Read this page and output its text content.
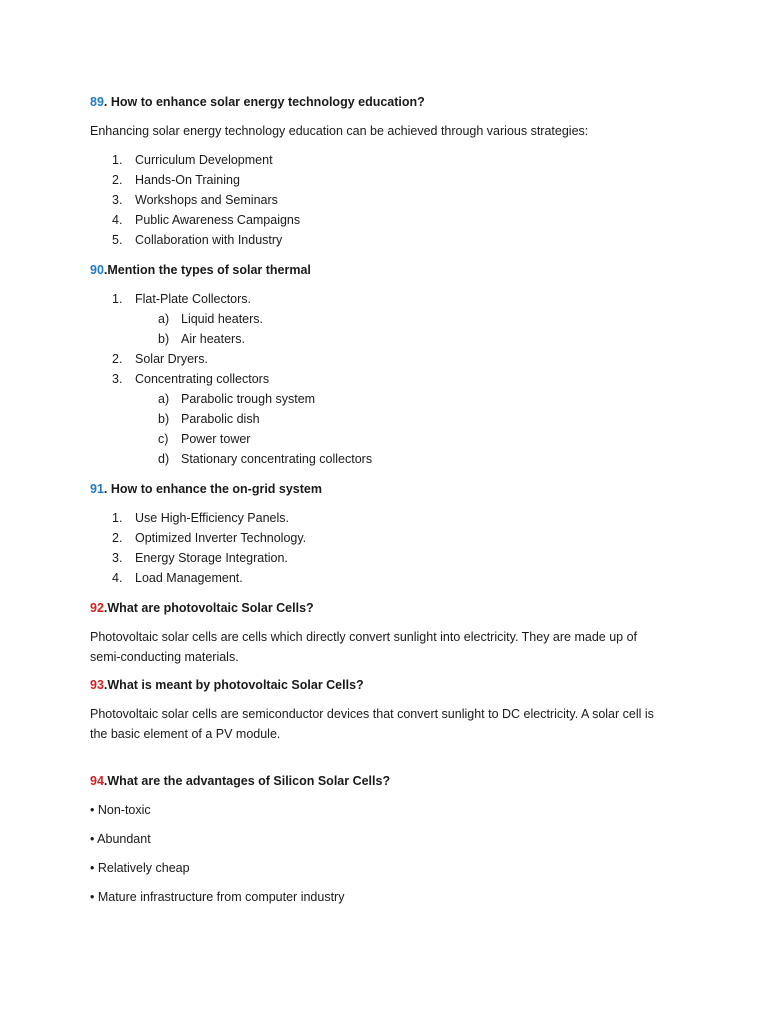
89. How to enhance solar energy technology education?

Enhancing solar energy technology education can be achieved through various strategies:

1. Curriculum Development
2. Hands-On Training
3. Workshops and Seminars
4. Public Awareness Campaigns
5. Collaboration with Industry

90.Mention the types of solar thermal

1. Flat-Plate Collectors.
a) Liquid heaters.
b) Air heaters.
2. Solar Dryers.
3. Concentrating collectors
a) Parabolic trough system
b) Parabolic dish
c) Power tower
d) Stationary concentrating collectors

91. How to enhance the on-grid system

1. Use High-Efficiency Panels.
2. Optimized Inverter Technology.
3. Energy Storage Integration.
4. Load Management.

92.What are photovoltaic Solar Cells?

Photovoltaic solar cells are cells which directly convert sunlight into electricity. They are made up of

semi-conducting materials.

93.What is meant by photovoltaic Solar Cells?

Photovoltaic solar cells are semiconductor devices that convert sunlight to DC electricity. A solar cell is

the basic element of a PV module.

94.What are the advantages of Silicon Solar Cells?

• Non-toxic

• Abundant

• Relatively cheap

• Mature infrastructure from computer industry
